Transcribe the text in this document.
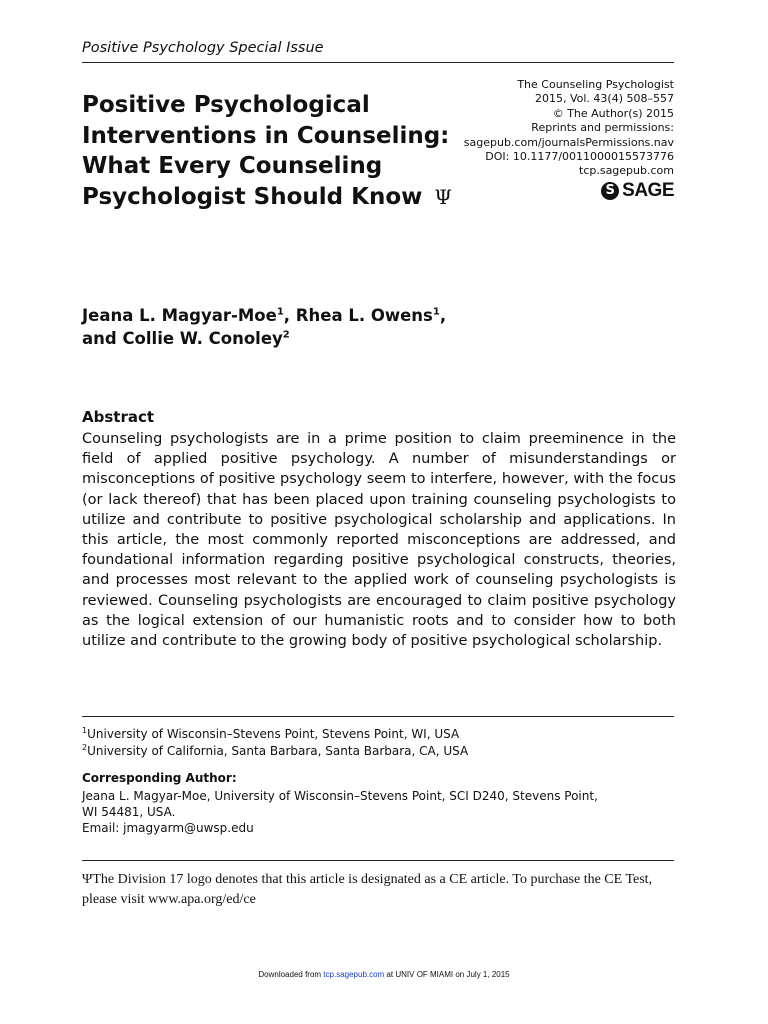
Positive Psychology Special Issue
Positive Psychological Interventions in Counseling: What Every Counseling Psychologist Should Know Ψ
The Counseling Psychologist
2015, Vol. 43(4) 508–557
© The Author(s) 2015
Reprints and permissions:
sagepub.com/journalsPermissions.nav
DOI: 10.1177/0011000015573776
tcp.sagepub.com
S SAGE
Jeana L. Magyar-Moe$^1$, Rhea L. Owens$^1$,
and Collie W. Conoley$^2$
Abstract
Counseling psychologists are in a prime position to claim preeminence in the field of applied positive psychology. A number of misunderstandings or misconceptions of positive psychology seem to interfere, however, with the focus (or lack thereof) that has been placed upon training counseling psychologists to utilize and contribute to positive psychological scholarship and applications. In this article, the most commonly reported misconceptions are addressed, and foundational information regarding positive psychological constructs, theories, and processes most relevant to the applied work of counseling psychologists is reviewed. Counseling psychologists are encouraged to claim positive psychology as the logical extension of our humanistic roots and to consider how to both utilize and contribute to the growing body of positive psychological scholarship.
$^1$University of Wisconsin–Stevens Point, Stevens Point, WI, USA
$^2$University of California, Santa Barbara, Santa Barbara, CA, USA
Corresponding Author:
Jeana L. Magyar-Moe, University of Wisconsin–Stevens Point, SCI D240, Stevens Point,
WI 54481, USA.
Email: jmagyarm@uwsp.edu
ΨThe Division 17 logo denotes that this article is designated as a CE article. To purchase the CE Test, please visit www.apa.org/ed/ce
Downloaded from tcp.sagepub.com at UNIV OF MIAMI on July 1, 2015
